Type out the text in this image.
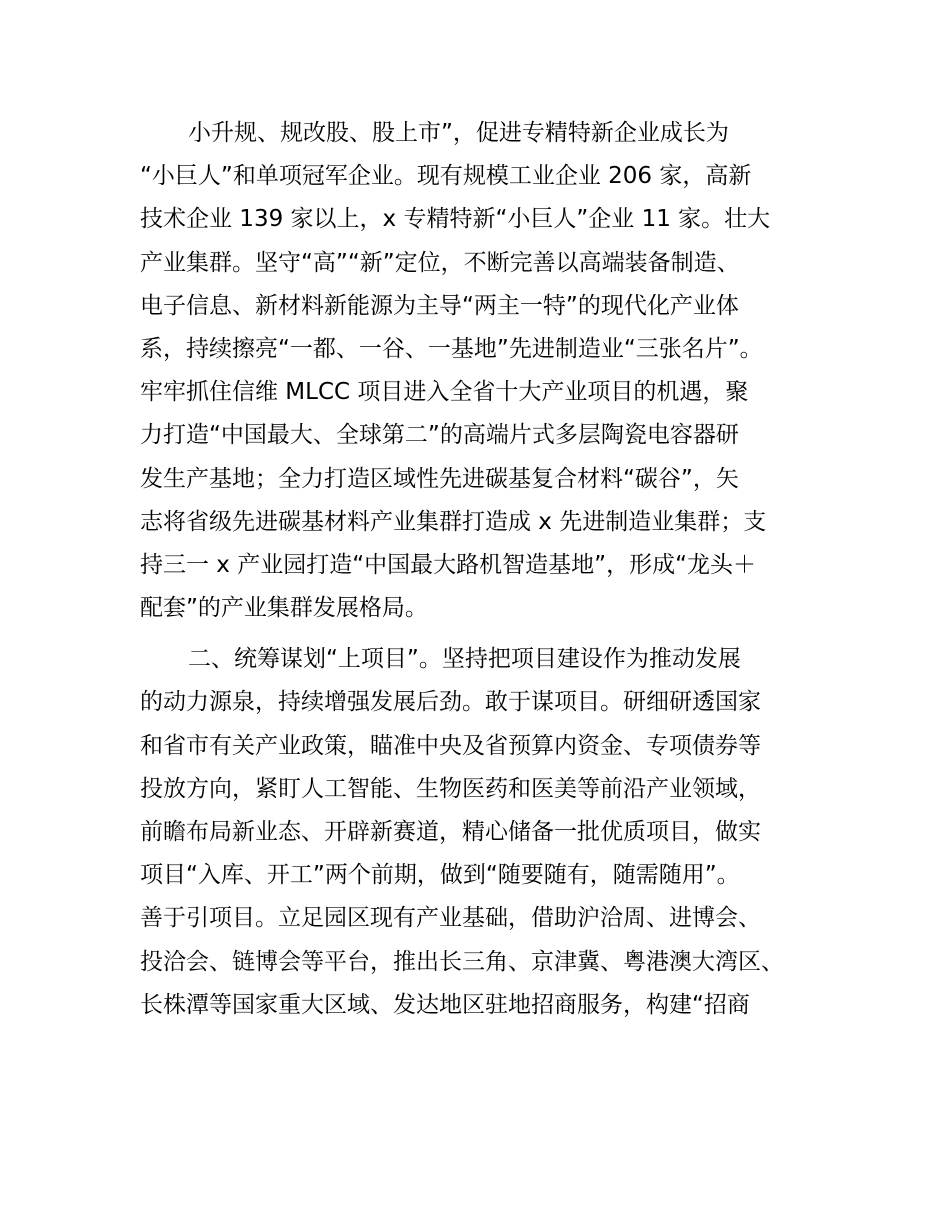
小升规、规改股、股上市”，促进专精特新企业成长为
“小巨人”和单项冠军企业。现有规模工业企业 206 家，高新
技术企业 139 家以上，x 专精特新“小巨人”企业 11 家。壮大
产业集群。坚守“高”“新”定位，不断完善以高端装备制造、
电子信息、新材料新能源为主导“两主一特”的现代化产业体
系，持续擦亮“一都、一谷、一基地”先进制造业“三张名片”。
牢牢抓住信维 MLCC 项目进入全省十大产业项目的机遇，聚
力打造“中国最大、全球第二”的高端片式多层陶瓷电容器研
发生产基地；全力打造区域性先进碳基复合材料“碳谷”，矢
志将省级先进碳基材料产业集群打造成 x 先进制造业集群；支
持三一 x 产业园打造“中国最大路机智造基地”，形成“龙头＋
配套”的产业集群发展格局。
二、统筹谋划“上项目”。坚持把项目建设作为推动发展
的动力源泉，持续增强发展后劲。敢于谋项目。研细研透国家
和省市有关产业政策，瞄准中央及省预算内资金、专项债券等
投放方向，紧盯人工智能、生物医药和医美等前沿产业领域，
前瞻布局新业态、开辟新赛道，精心储备一批优质项目，做实
项目“入库、开工”两个前期，做到“随要随有，随需随用”。
善于引项目。立足园区现有产业基础，借助沪洽周、进博会、
投洽会、链博会等平台，推出长三角、京津冀、粤港澳大湾区、
长株潭等国家重大区域、发达地区驻地招商服务，构建“招商
